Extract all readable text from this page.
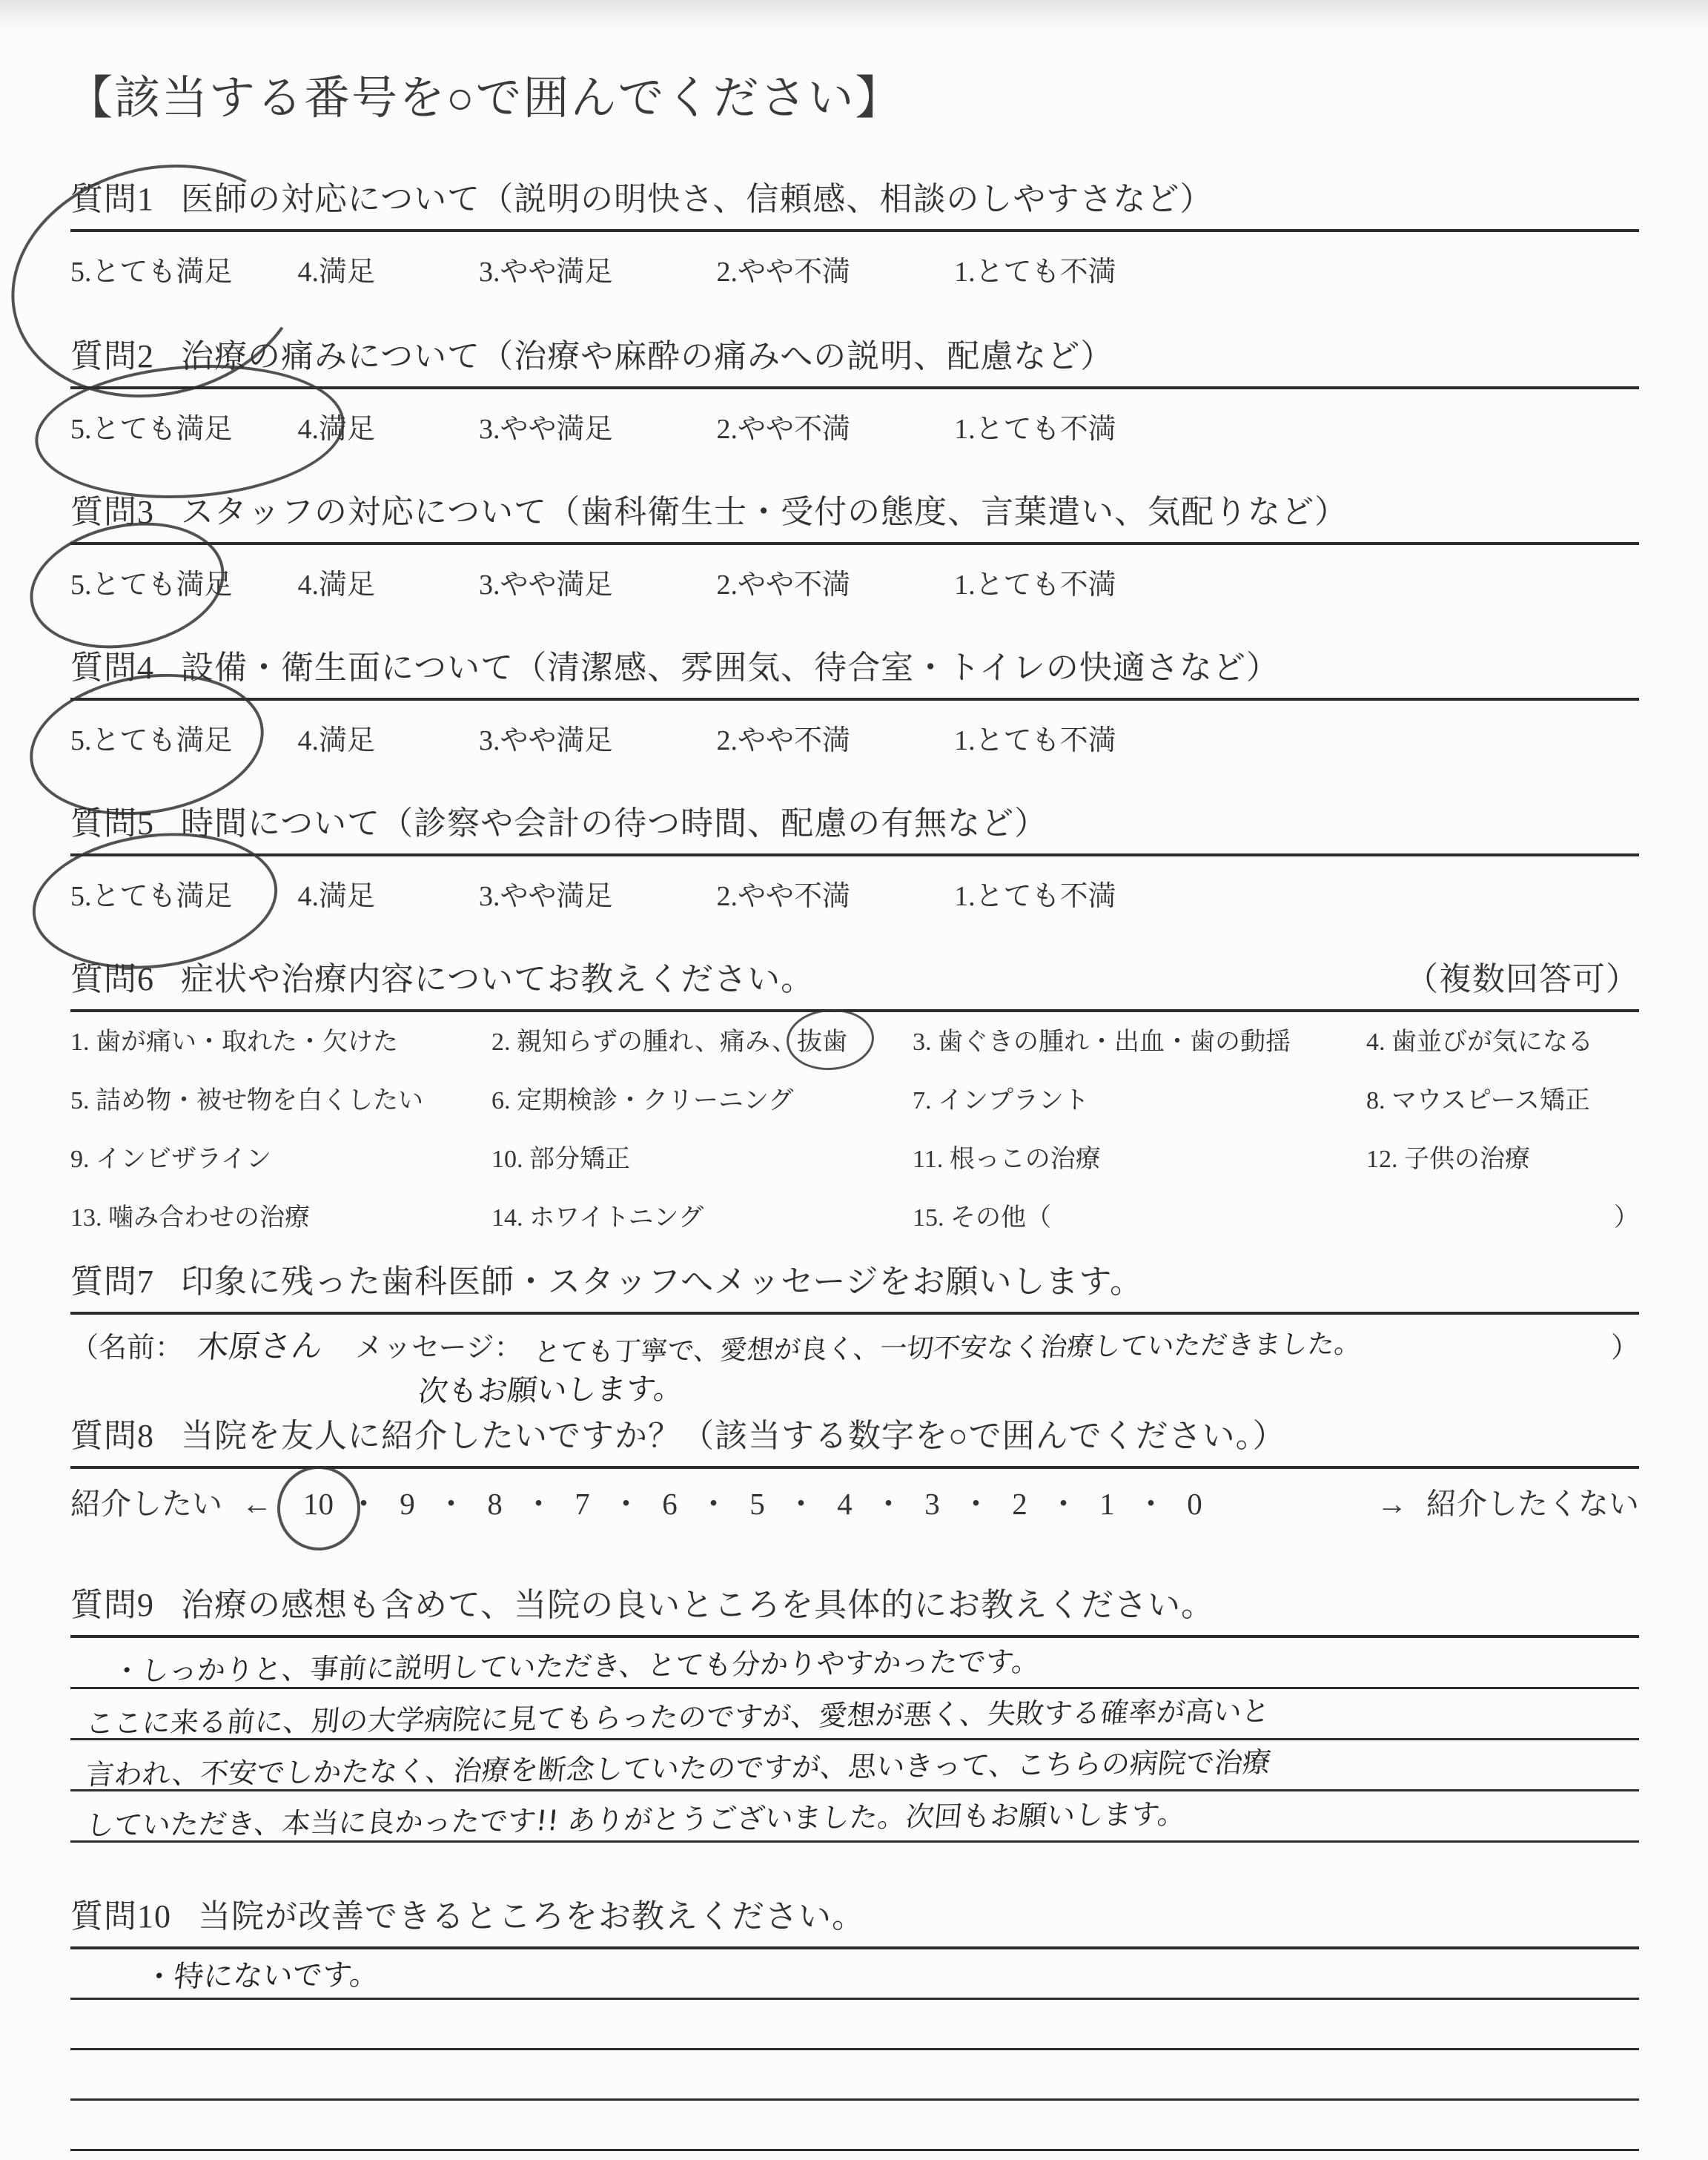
【該当する番号を○で囲んでください】
質問1 医師の対応について（説明の明快さ、信頼感、相談のしやすさなど）
5.とても満足 4.満足	3.やや満足	2.やや不満	1.とても不満
質問2 治療の痛みについて（治療や麻酔の痛みへの説明、配慮など）
5.とても満足 4.満足	3.やや満足	2.やや不満	1.とても不満
質問3 スタッフの対応について（歯科衛生士・受付の態度、言葉遣い、気配りなど）
5.とても満足 4.満足	3.やや満足	2.やや不満	1.とても不満
質問4 設備・衛生面について（清潔感、雰囲気、待合室・トイレの快適さなど）
5.とても満足 4.満足	3.やや満足	2.やや不満	1.とても不満
質問5 時間について（診察や会計の待つ時間、配慮の有無など）
5.とても満足 4.満足	3.やや満足	2.やや不満	1.とても不満
質問6 症状や治療内容についてお教えください。	（複数回答可）
1. 歯が痛い・取れた・欠けた	2. 親知らずの腫れ、痛み、抜歯	3. 歯ぐきの腫れ・出血・歯の動揺	4. 歯並びが気になる
5. 詰め物・被せ物を白くしたい	6. 定期検診・クリーニング	7. インプラント	8. マウスピース矯正
9. インビザライン	10. 部分矯正	11. 根っこの治療	12. 子供の治療
13. 噛み合わせの治療	14. ホワイトニング	15. その他（	）
質問7 印象に残った歯科医師・スタッフへメッセージをお願いします。
（名前： 木原さん メッセージ： とても丁寧で、愛想が良く、一切不安なく治療していただきました。	）
次もお願いします。
質問8 当院を友人に紹介したいですか？（該当する数字を○で囲んでください。）
紹介したい ← 10 ・ 9 ・ 8 ・ 7 ・ 6 ・ 5 ・ 4 ・ 3 ・ 2 ・ 1 ・ 0	→ 紹介したくない
質問9 治療の感想も含めて、当院の良いところを具体的にお教えください。
・しっかりと、事前に説明していただき、とても分かりやすかったです。
ここに来る前に、別の大学病院に見てもらったのですが、愛想が悪く、失敗する確率が高いと
言われ、不安でしかたなく、治療を断念していたのですが、思いきって、こちらの病院で治療
していただき、本当に良かったです!! ありがとうございました。次回もお願いします。
質問10 当院が改善できるところをお教えください。
・特にないです。
